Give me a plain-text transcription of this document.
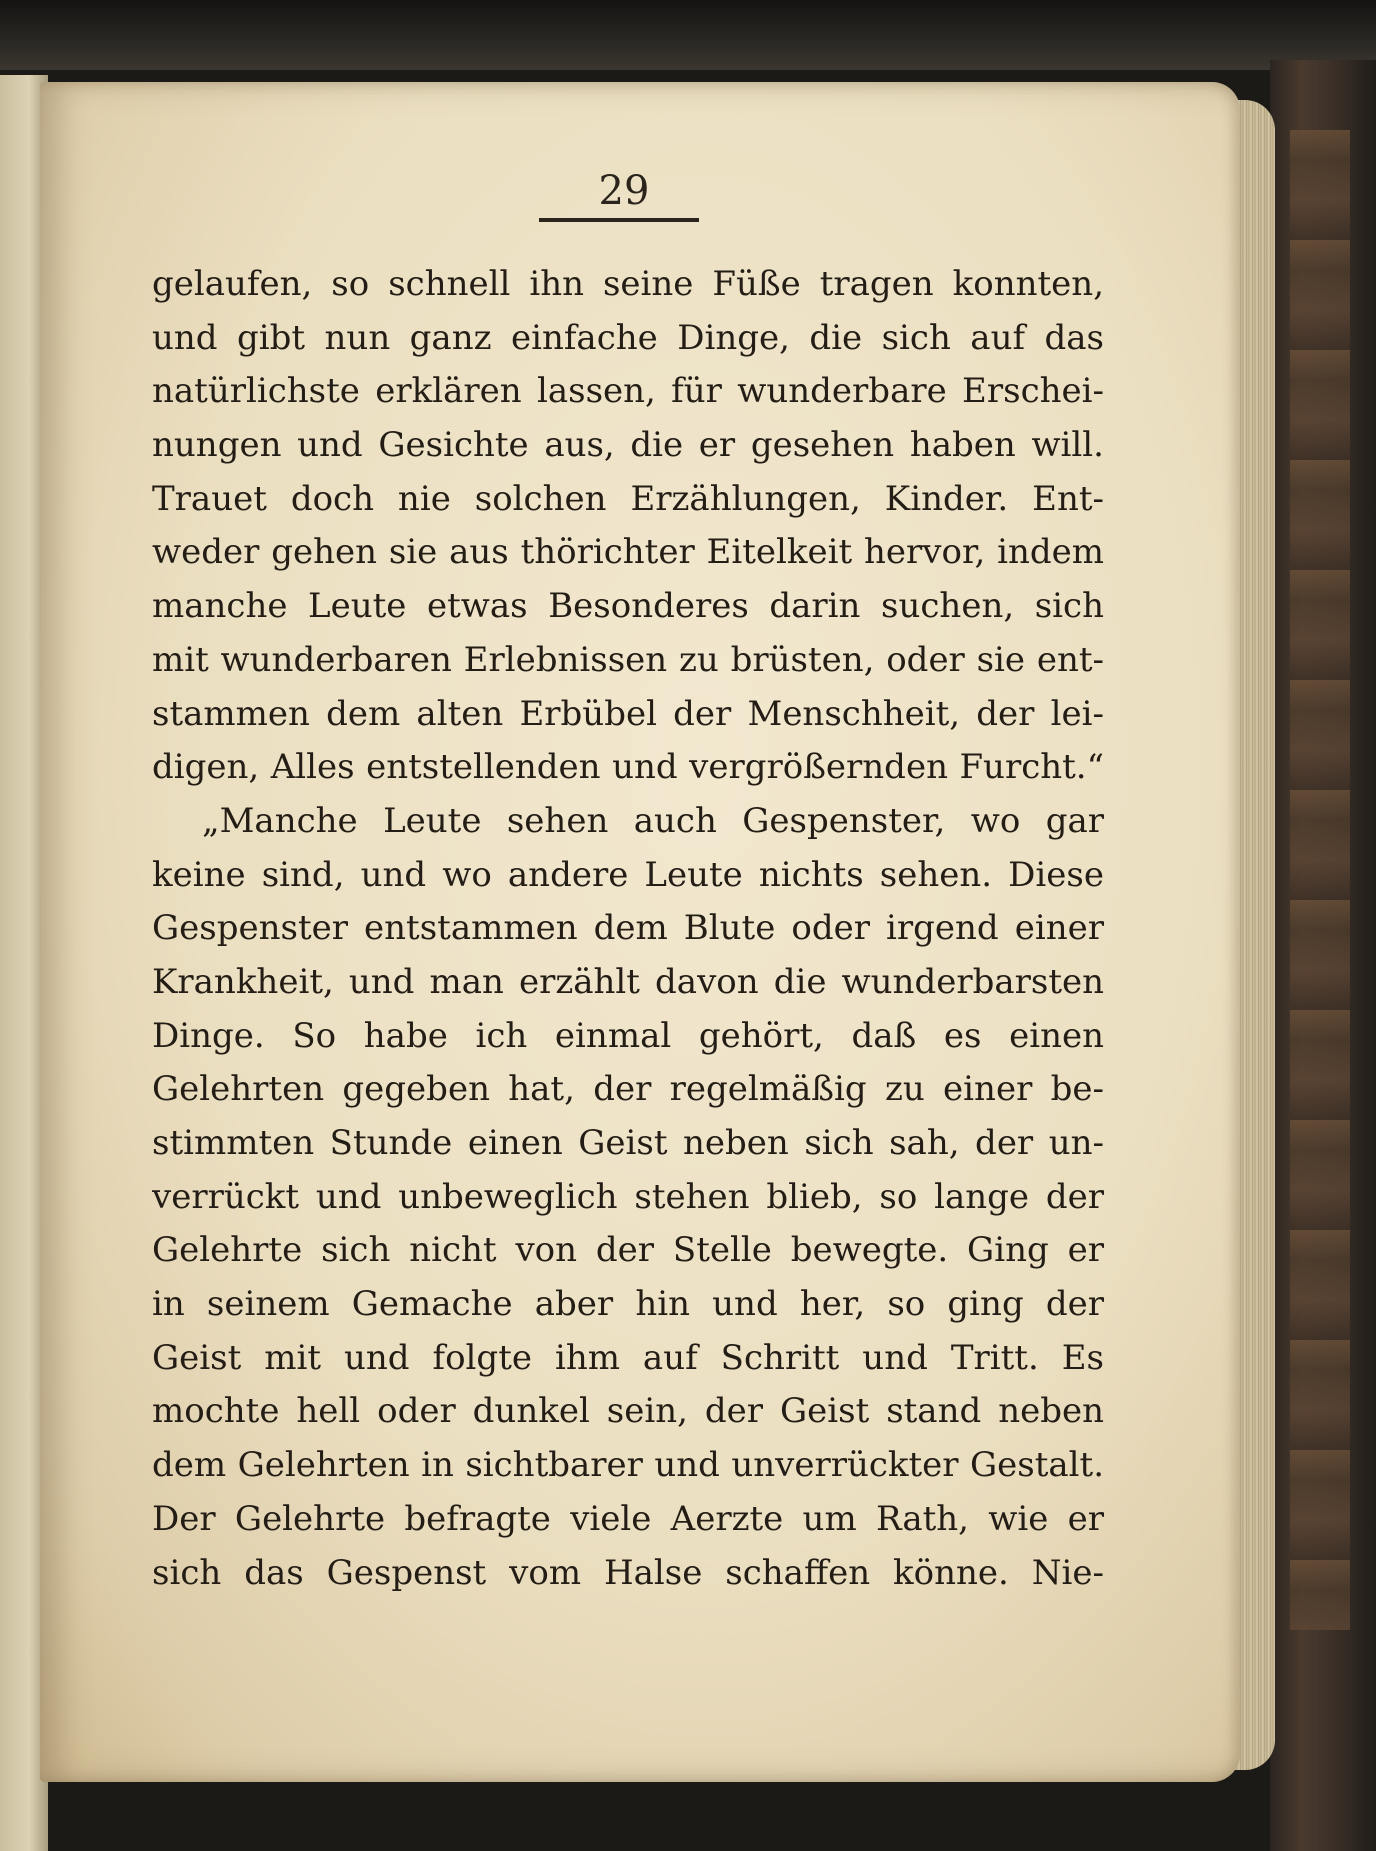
29
gelaufen, so schnell ihn seine Füße tragen konnten,
und gibt nun ganz einfache Dinge, die sich auf das
natürlichste erklären lassen, für wunderbare Erschei-
nungen und Gesichte aus, die er gesehen haben will.
Trauet doch nie solchen Erzählungen, Kinder. Ent-
weder gehen sie aus thörichter Eitelkeit hervor, indem
manche Leute etwas Besonderes darin suchen, sich
mit wunderbaren Erlebnissen zu brüsten, oder sie ent-
stammen dem alten Erbübel der Menschheit, der lei-
digen, Alles entstellenden und vergrößernden Furcht.“
„Manche Leute sehen auch Gespenster, wo gar
keine sind, und wo andere Leute nichts sehen. Diese
Gespenster entstammen dem Blute oder irgend einer
Krankheit, und man erzählt davon die wunderbarsten
Dinge. So habe ich einmal gehört, daß es einen
Gelehrten gegeben hat, der regelmäßig zu einer be-
stimmten Stunde einen Geist neben sich sah, der un-
verrückt und unbeweglich stehen blieb, so lange der
Gelehrte sich nicht von der Stelle bewegte. Ging er
in seinem Gemache aber hin und her, so ging der
Geist mit und folgte ihm auf Schritt und Tritt. Es
mochte hell oder dunkel sein, der Geist stand neben
dem Gelehrten in sichtbarer und unverrückter Gestalt.
Der Gelehrte befragte viele Aerzte um Rath, wie er
sich das Gespenst vom Halse schaffen könne. Nie-
